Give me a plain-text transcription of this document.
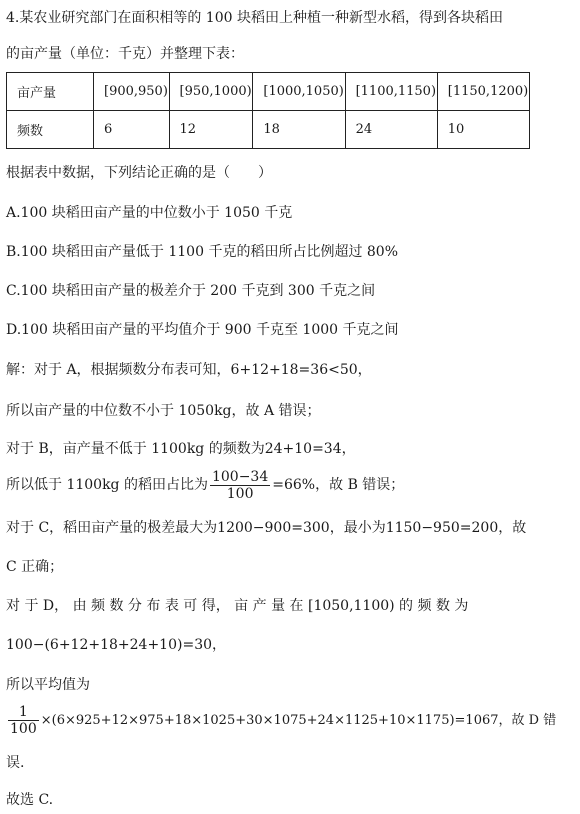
4.某农业研究部门在面积相等的 100 块稻田上种植一种新型水稻，得到各块稻田
的亩产量（单位：千克）并整理下表：
亩产量	[900,950)	[950,1000)	[1000,1050)	[1100,1150)	[1150,1200)
频数	6	12	18	24	10
根据表中数据，下列结论正确的是（　　）
A.100 块稻田亩产量的中位数小于 1050 千克
B.100 块稻田亩产量低于 1100 千克的稻田所占比例超过 80%
C.100 块稻田亩产量的极差介于 200 千克到 300 千克之间
D.100 块稻田亩产量的平均值介于 900 千克至 1000 千克之间
解：对于 A，根据频数分布表可知，6+12+18=36<50，
所以亩产量的中位数不小于 1050kg，故 A 错误；
对于 B，亩产量不低于 1100kg 的频数为24+10=34，
所以低于 1100kg 的稻田占比为 $\frac{100-34}{100} =66\%$，故 B 错误；
对于 C，稻田亩产量的极差最大为1200−900=300，最小为1150−950=200，故
C 正确；
对 于 D， 由 频 数 分 布 表 可 得， 亩 产 量 在 [1050,1100) 的 频 数 为
100−(6+12+18+24+10)=30，
所以平均值为
$\frac{1}{100} \times(6\times 925+12\times 975+18\times 1025+30\times 1075+24\times 1125+10\times 1175)=1067$，故 D 错
误.
故选 C.
